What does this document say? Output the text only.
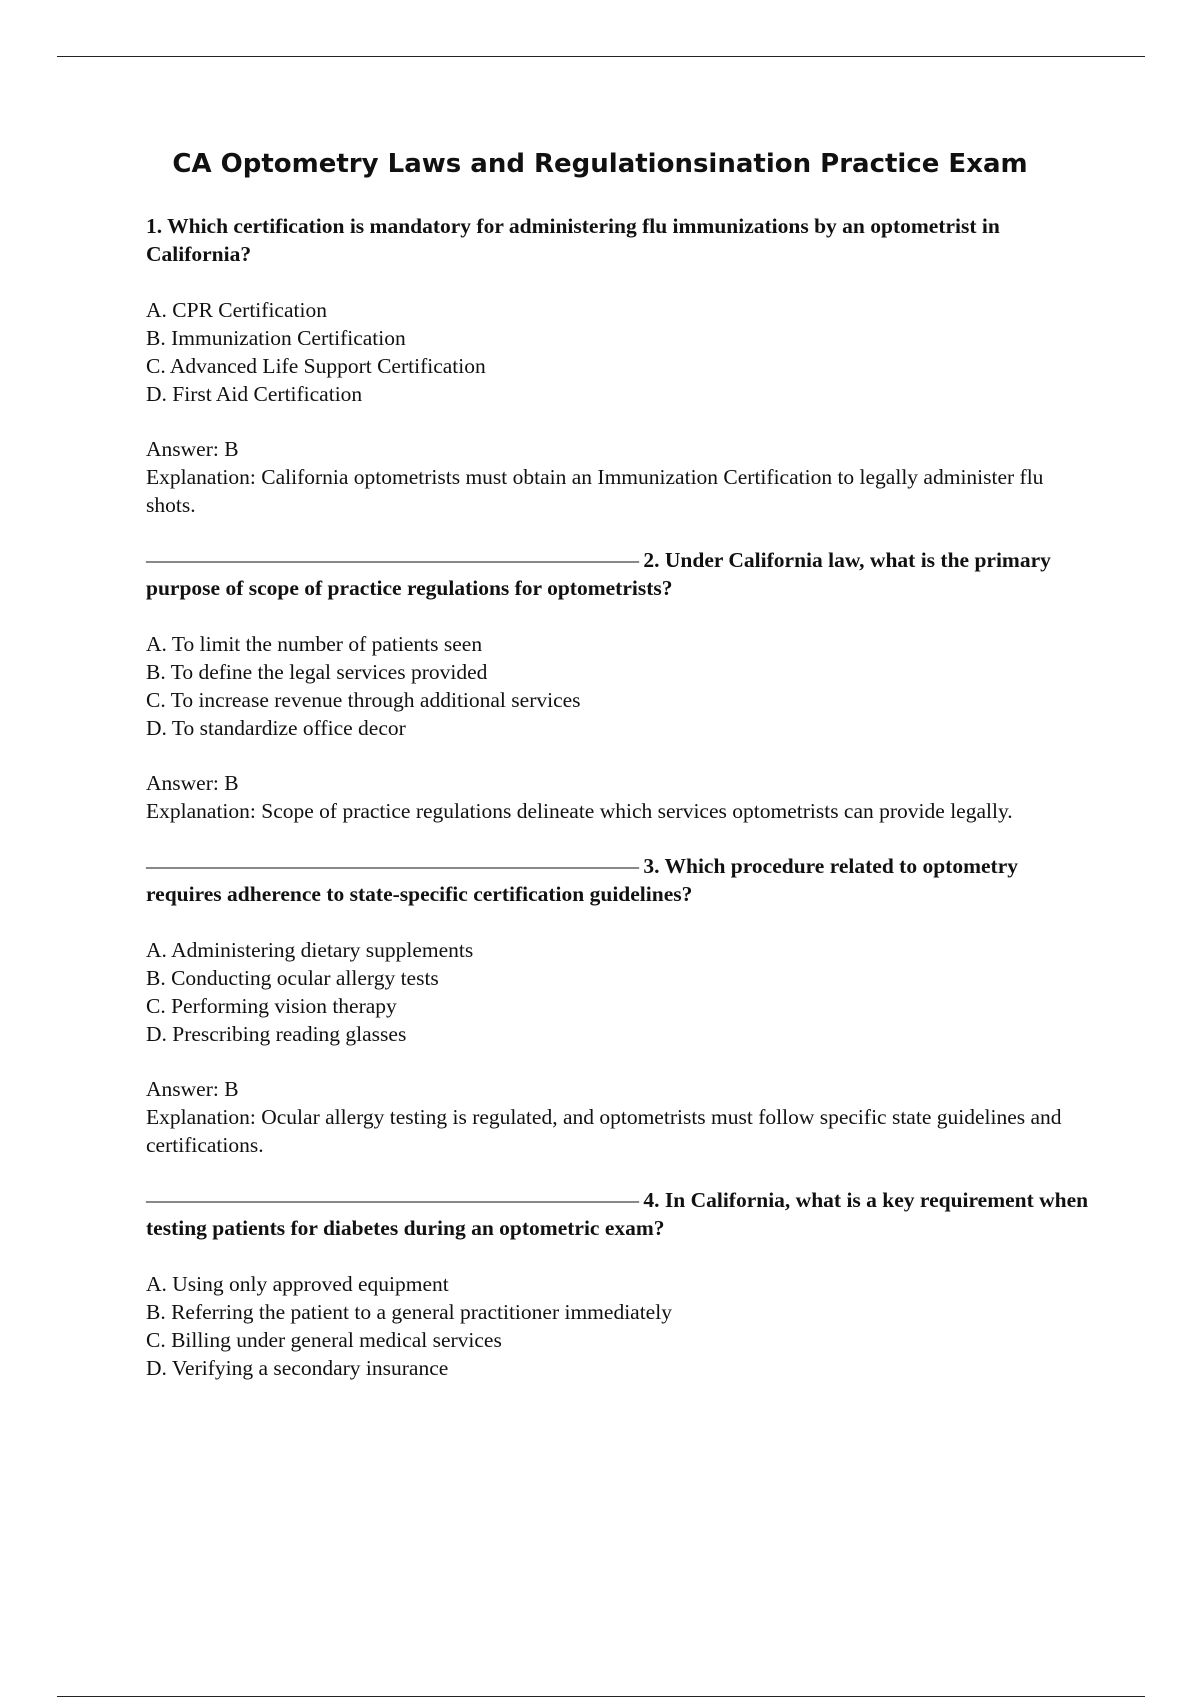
CA Optometry Laws and Regulationsination Practice Exam

1. Which certification is mandatory for administering flu immunizations by an optometrist in California?

A. CPR Certification
B. Immunization Certification
C. Advanced Life Support Certification
D. First Aid Certification

Answer: B

Explanation: California optometrists must obtain an Immunization Certification to legally administer flu shots.

———————————————————————— 2. Under California law, what is the primary purpose of scope of practice regulations for optometrists?

A. To limit the number of patients seen
B. To define the legal services provided
C. To increase revenue through additional services
D. To standardize office decor

Answer: B

Explanation: Scope of practice regulations delineate which services optometrists can provide legally.

———————————————————————— 3. Which procedure related to optometry requires adherence to state-specific certification guidelines?

A. Administering dietary supplements
B. Conducting ocular allergy tests
C. Performing vision therapy
D. Prescribing reading glasses

Answer: B

Explanation: Ocular allergy testing is regulated, and optometrists must follow specific state guidelines and certifications.

———————————————————————— 4. In California, what is a key requirement when testing patients for diabetes during an optometric exam?

A. Using only approved equipment
B. Referring the patient to a general practitioner immediately
C. Billing under general medical services
D. Verifying a secondary insurance
